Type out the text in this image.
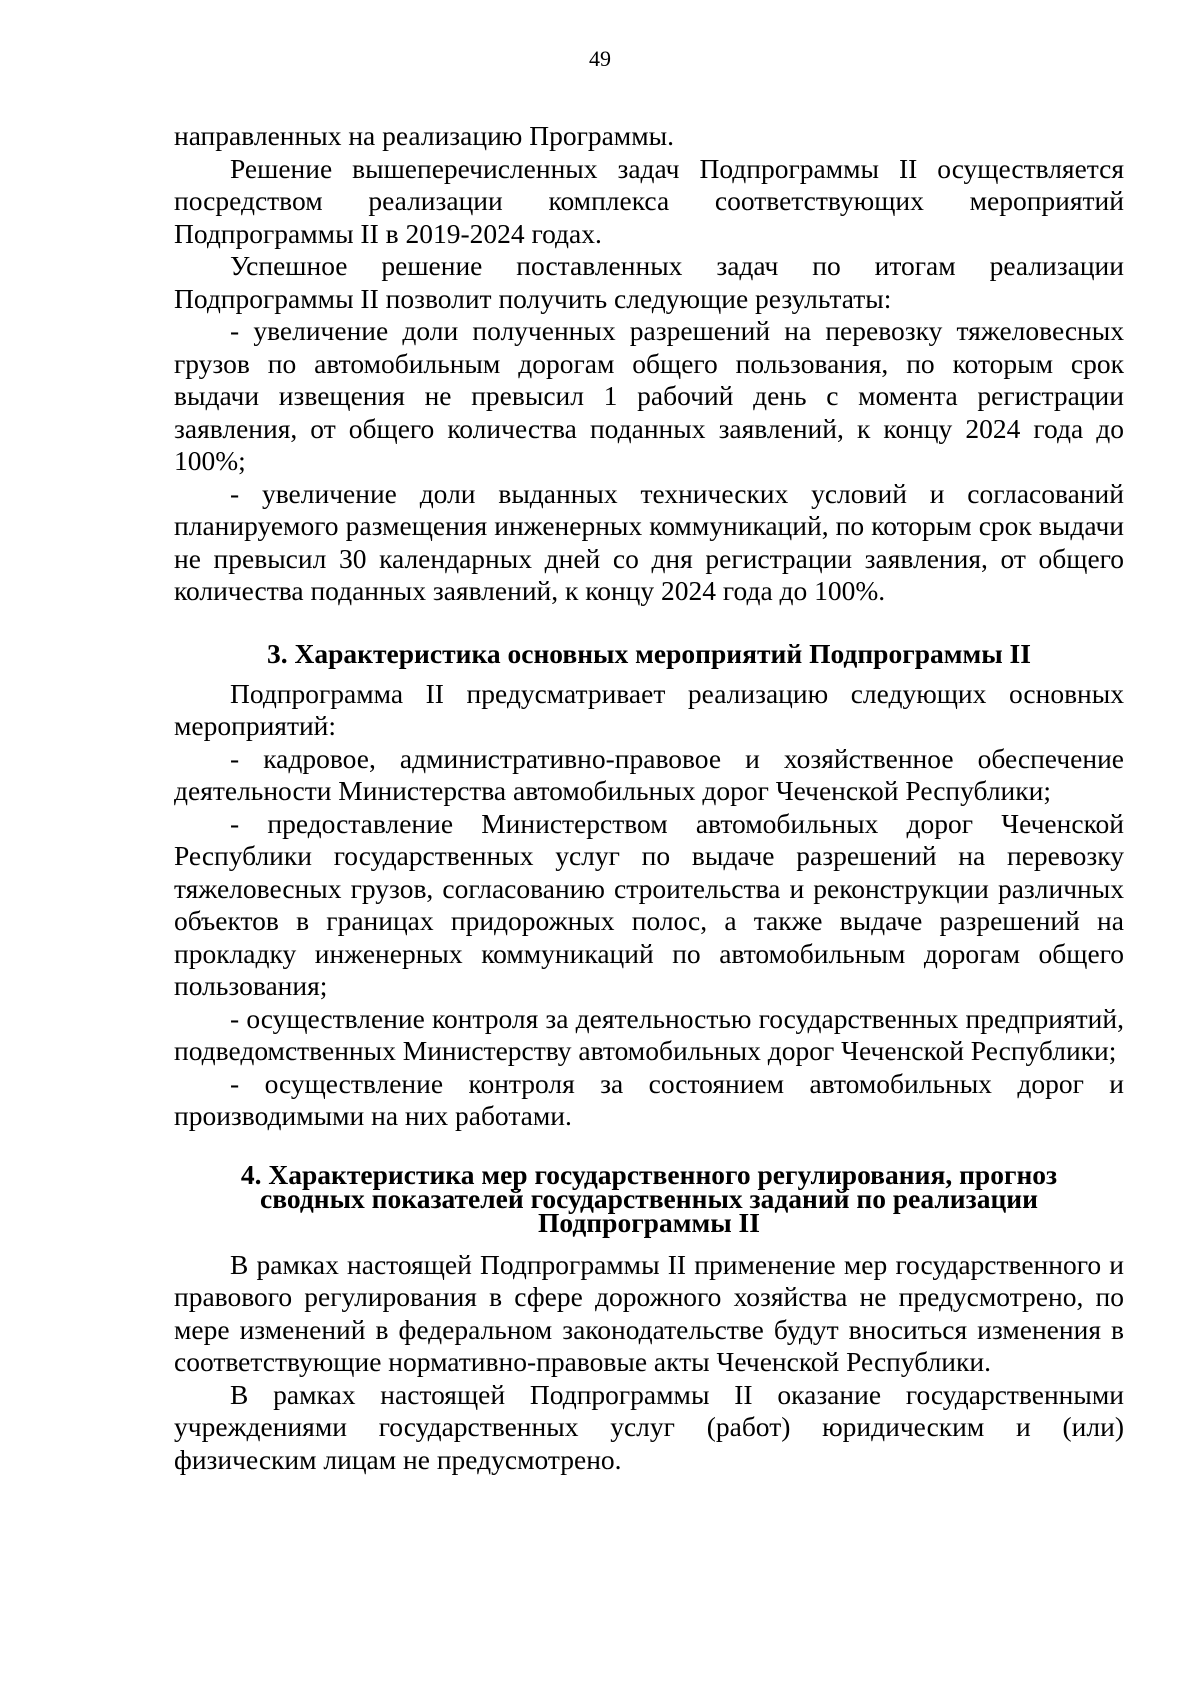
49

направленных на реализацию Программы.

Решение вышеперечисленных задач Подпрограммы II осуществляется посредством реализации комплекса соответствующих мероприятий Подпрограммы II в 2019-2024 годах.

Успешное решение поставленных задач по итогам реализации Подпрограммы II позволит получить следующие результаты:

- увеличение доли полученных разрешений на перевозку тяжеловесных грузов по автомобильным дорогам общего пользования, по которым срок выдачи извещения не превысил 1 рабочий день с момента регистрации заявления, от общего количества поданных заявлений, к концу 2024 года до 100%;

- увеличение доли выданных технических условий и согласований планируемого размещения инженерных коммуникаций, по которым срок выдачи не превысил 30 календарных дней со дня регистрации заявления, от общего количества поданных заявлений, к концу 2024 года до 100%.

3. Характеристика основных мероприятий Подпрограммы II

Подпрограмма II предусматривает реализацию следующих основных мероприятий:

- кадровое, административно-правовое и хозяйственное обеспечение деятельности Министерства автомобильных дорог Чеченской Республики;

- предоставление Министерством автомобильных дорог Чеченской Республики государственных услуг по выдаче разрешений на перевозку тяжеловесных грузов, согласованию строительства и реконструкции различных объектов в границах придорожных полос, а также выдаче разрешений на прокладку инженерных коммуникаций по автомобильным дорогам общего пользования;

- осуществление контроля за деятельностью государственных предприятий, подведомственных Министерству автомобильных дорог Чеченской Республики;

- осуществление контроля за состоянием автомобильных дорог и производимыми на них работами.

4. Характеристика мер государственного регулирования, прогноз
сводных показателей государственных заданий по реализации
Подпрограммы II

В рамках настоящей Подпрограммы II применение мер государственного и правового регулирования в сфере дорожного хозяйства не предусмотрено, по мере изменений в федеральном законодательстве будут вноситься изменения в соответствующие нормативно-правовые акты Чеченской Республики.

В рамках настоящей Подпрограммы II оказание государственными учреждениями государственных услуг (работ) юридическим и (или) физическим лицам не предусмотрено.
